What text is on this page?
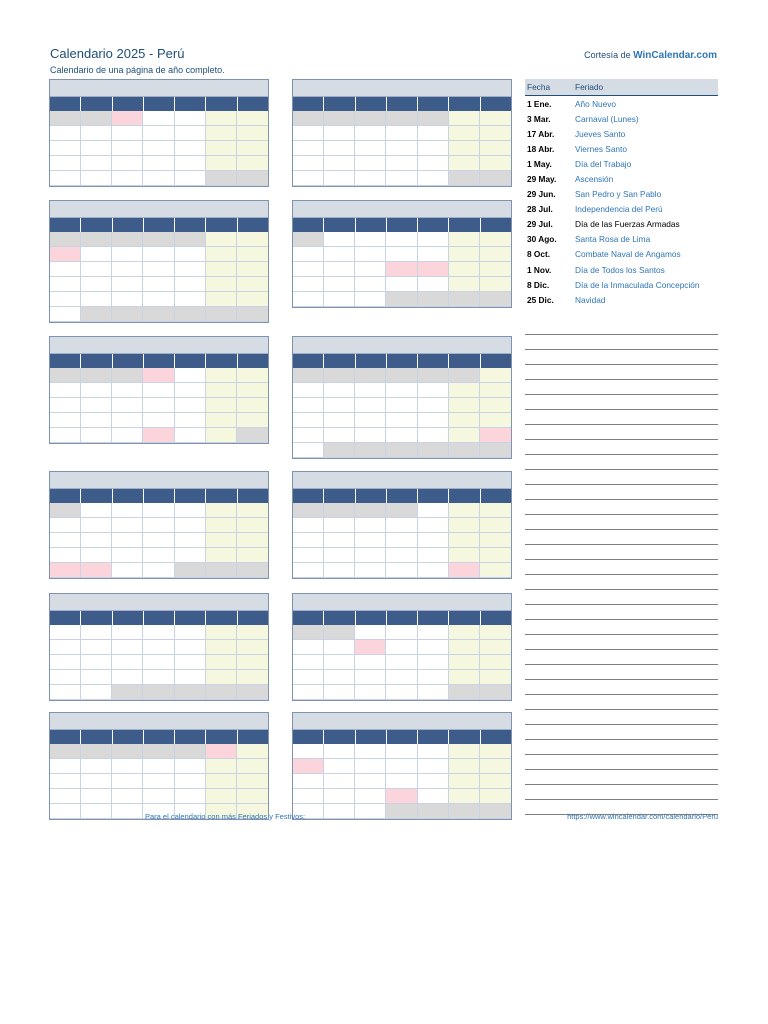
Calendario 2025 - Perú
Calendario de una página de año completo.
Cortesía de WinCalendar.com
Fecha	Feriado
1 Ene.	Año Nuevo
3 Mar.	Carnaval (Lunes)
17 Abr.	Jueves Santo
18 Abr.	Viernes Santo
1 May.	Día del Trabajo
29 May.	Ascensión
29 Jun.	San Pedro y San Pablo
28 Jul.	Independencia del Perú
29 Jul.	Día de las Fuerzas Armadas
30 Ago.	Santa Rosa de Lima
8 Oct.	Combate Naval de Angamos
1 Nov.	Día de Todos los Santos
8 Dic.	Día de la Inmaculada Concepción
25 Dic.	Navidad
Para el calendario con más Feriados y Festivos:	https://www.wincalendar.com/calendario/Peru
